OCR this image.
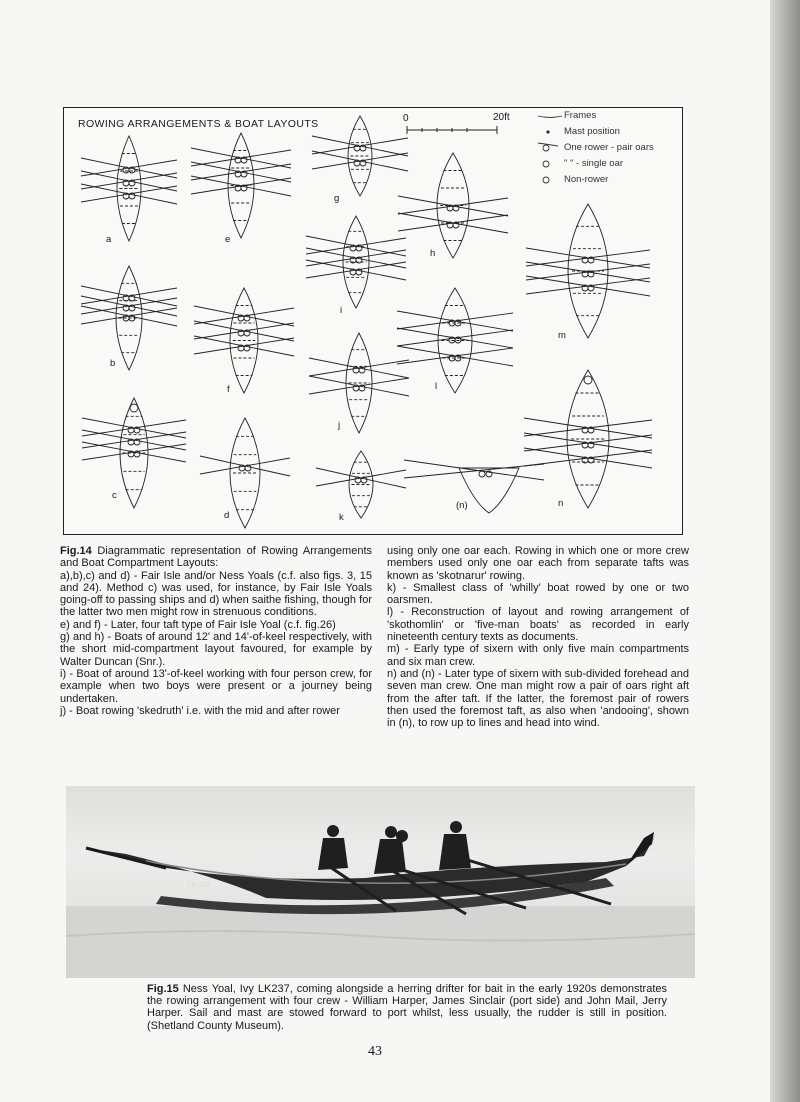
ROWING ARRANGEMENTS & BOAT LAYOUTS	0	20ft	Frames
Mast position
One rower - pair oars
" " - single oar
Non-rower
a
b
c
d
e
f
g
h
i
j
k
(n)
l
m
n

Fig.14 Diagrammatic representation of Rowing Arrangements and Boat Compartment Layouts:

a),b),c) and d) - Fair Isle and/or Ness Yoals (c.f. also figs. 3, 15 and 24). Method c) was used, for instance, by Fair Isle Yoals going-off to passing ships and d) when saithe fishing, though for the latter two men might row in strenuous conditions.

e) and f) - Later, four taft type of Fair Isle Yoal (c.f. fig.26)

g) and h) - Boats of around 12' and 14'-of-keel respectively, with the short mid-compartment layout favoured, for example by Walter Duncan (Snr.).

i) - Boat of around 13'-of-keel working with four person crew, for example when two boys were present or a journey being undertaken.

j) - Boat rowing 'skedruth' i.e. with the mid and after rower

using only one oar each. Rowing in which one or more crew members used only one oar each from separate tafts was known as 'skotnarur' rowing.

k) - Smallest class of 'whilly' boat rowed by one or two oarsmen.

l) - Reconstruction of layout and rowing arrangement of 'skothomlin' or 'five-man boats' as recorded in early nineteenth century texts as documents.

m) - Early type of sixern with only five main compartments and six man crew.

n) and (n) - Later type of sixern with sub-divided forehead and seven man crew. One man might row a pair of oars right aft from the after taft. If the latter, the foremost pair of rowers then used the foremost taft, as also when 'andooing', shown in (n), to row up to lines and head into wind.

LK 237

Fig.15 Ness Yoal, Ivy LK237, coming alongside a herring drifter for bait in the early 1920s demonstrates the rowing arrangement with four crew - William Harper, James Sinclair (port side) and John Mail, Jerry Harper. Sail and mast are stowed forward to port whilst, less usually, the rudder is still in position. (Shetland County Museum).

43
